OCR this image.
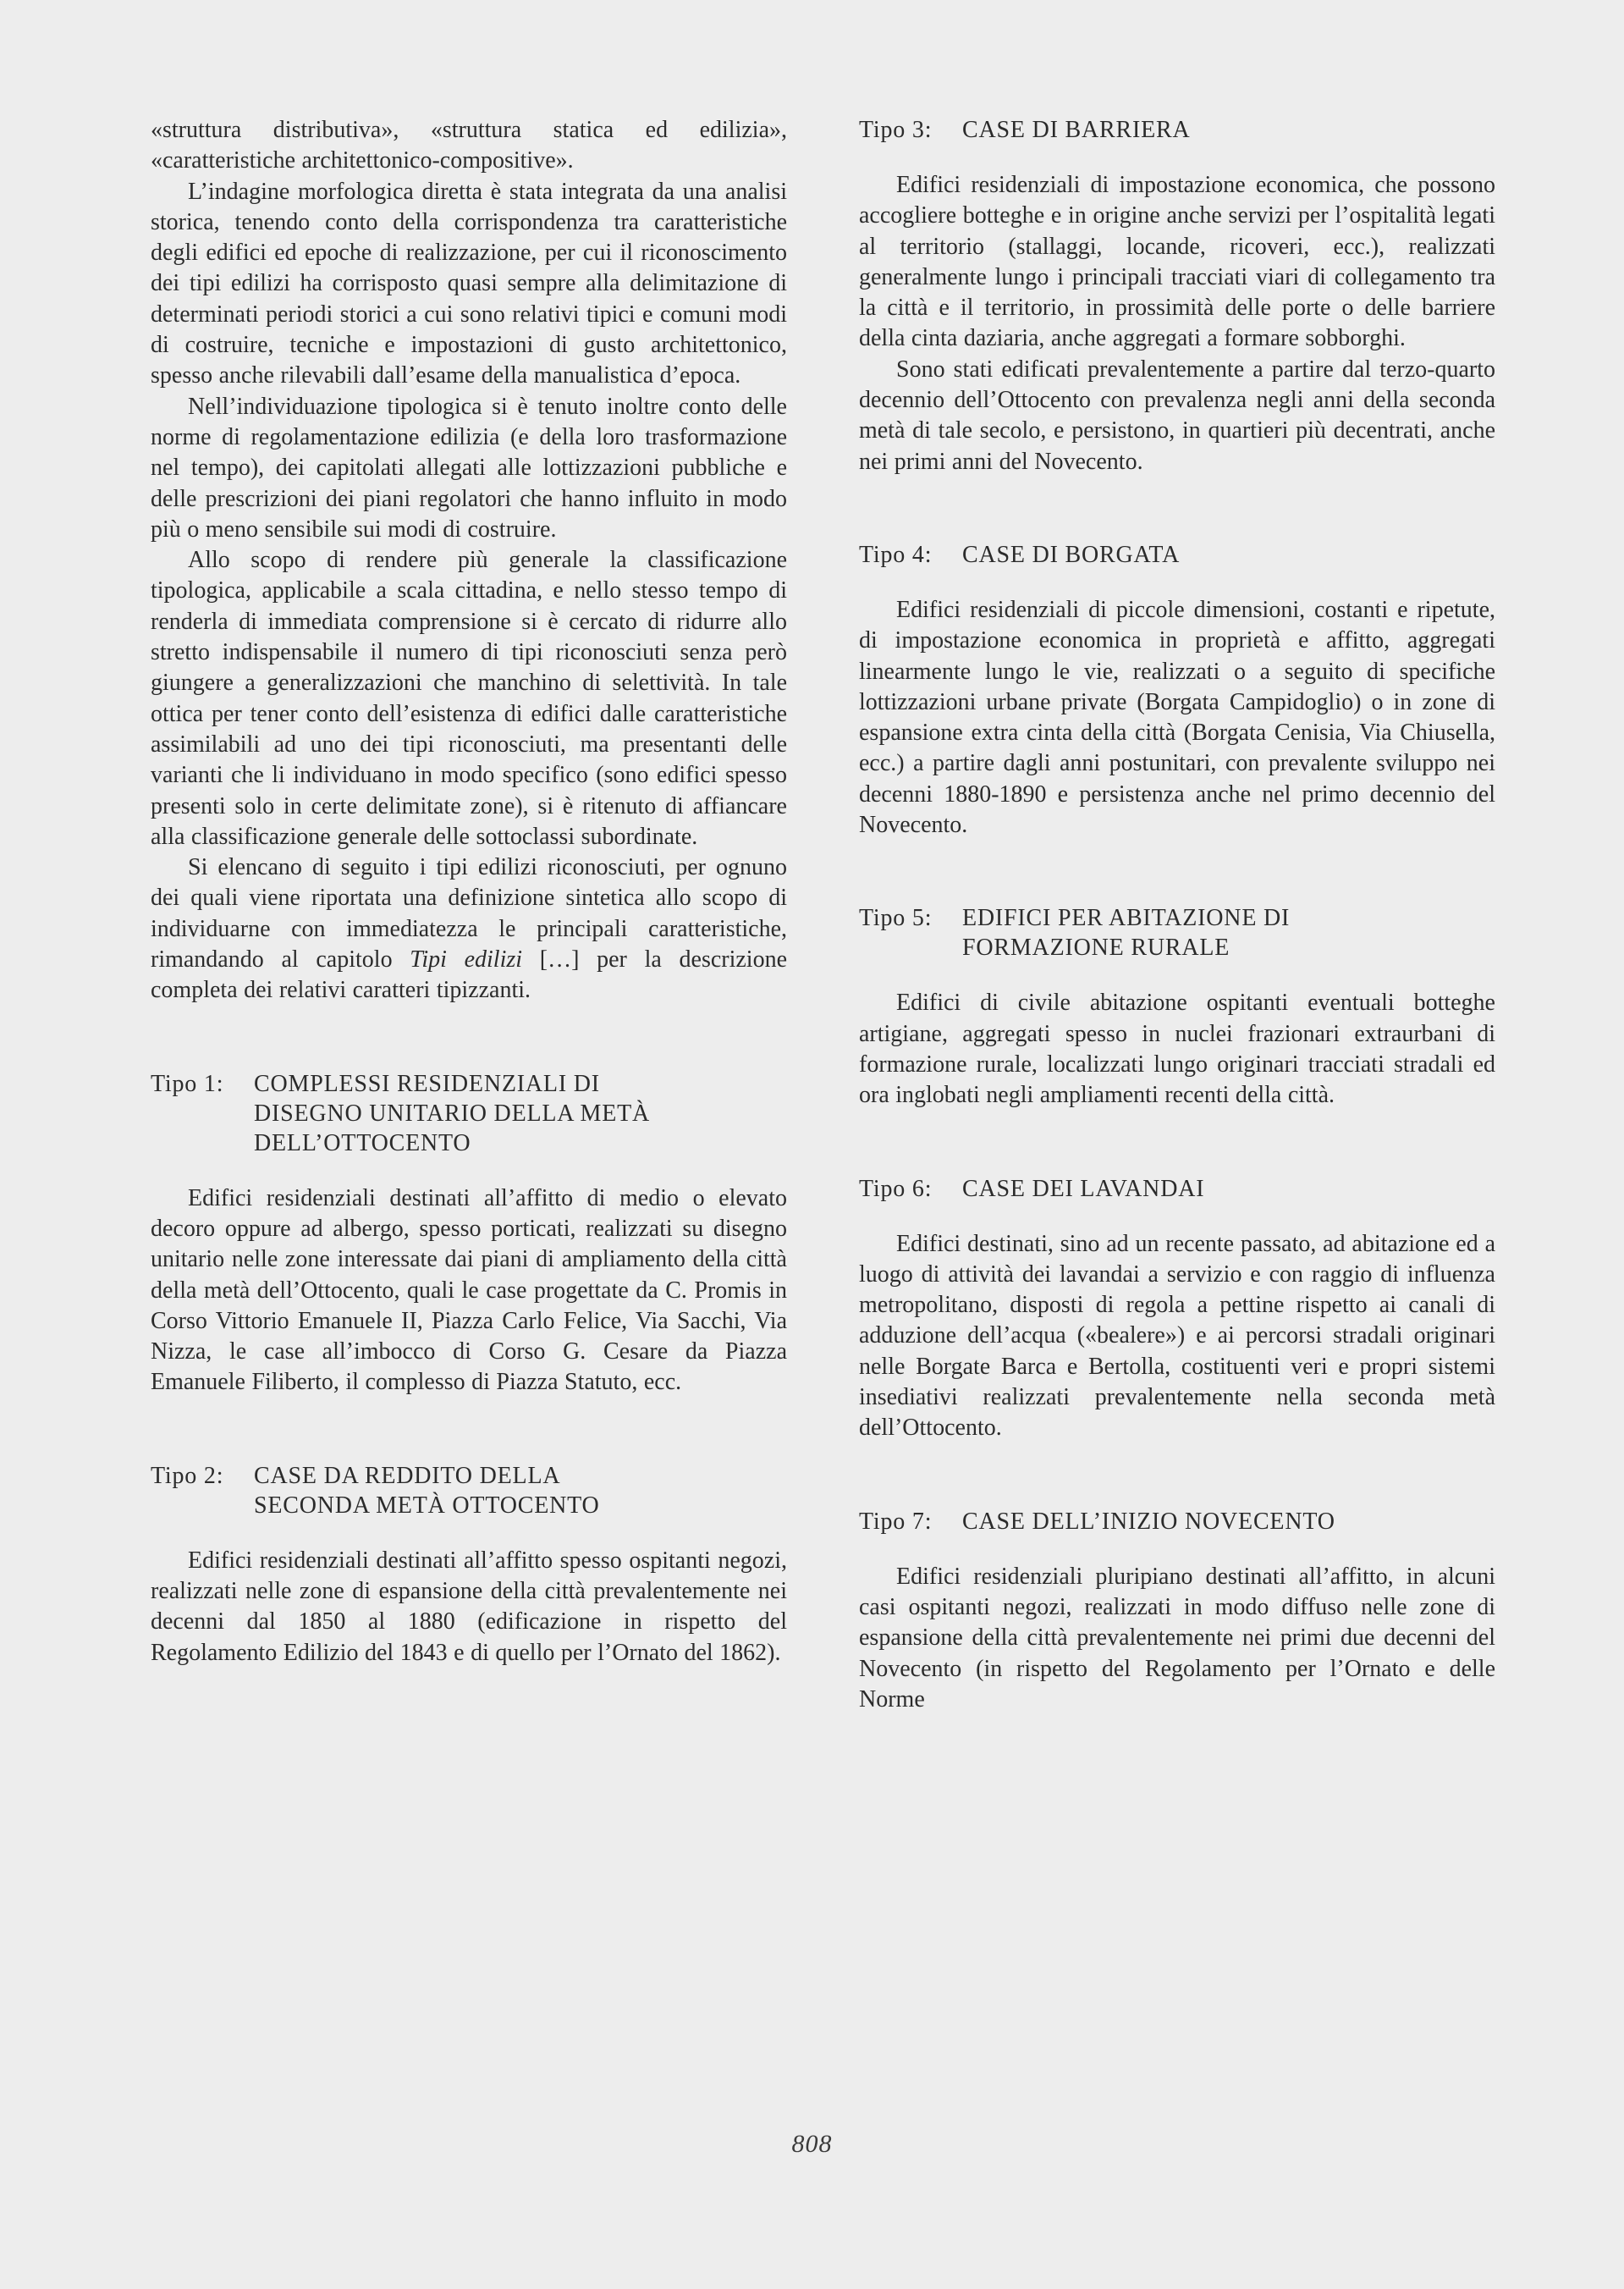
«struttura distributiva», «struttura statica ed edilizia», «caratteristiche architettonico-compositive».

L’indagine morfologica diretta è stata integrata da una analisi storica, tenendo conto della corrispondenza tra caratteristiche degli edifici ed epoche di realizzazione, per cui il riconoscimento dei tipi edilizi ha corrisposto quasi sempre alla delimitazione di determinati periodi storici a cui sono relativi tipici e comuni modi di costruire, tecniche e impostazioni di gusto architettonico, spesso anche rilevabili dall’esame della manualistica d’epoca.

Nell’individuazione tipologica si è tenuto inoltre conto delle norme di regolamentazione edilizia (e della loro trasformazione nel tempo), dei capitolati allegati alle lottizzazioni pubbliche e delle prescrizioni dei piani regolatori che hanno influito in modo più o meno sensibile sui modi di costruire.

Allo scopo di rendere più generale la classificazione tipologica, applicabile a scala cittadina, e nello stesso tempo di renderla di immediata comprensione si è cercato di ridurre allo stretto indispensabile il numero di tipi riconosciuti senza però giungere a generalizzazioni che manchino di selettività. In tale ottica per tener conto dell’esistenza di edifici dalle caratteristiche assimilabili ad uno dei tipi riconosciuti, ma presentanti delle varianti che li individuano in modo specifico (sono edifici spesso presenti solo in certe delimitate zone), si è ritenuto di affiancare alla classificazione generale delle sottoclassi subordinate.

Si elencano di seguito i tipi edilizi riconosciuti, per ognuno dei quali viene riportata una definizione sintetica allo scopo di individuarne con immediatezza le principali caratteristiche, rimandando al capitolo Tipi edilizi […] per la descrizione completa dei relativi caratteri tipizzanti.

Tipo 1:	COMPLESSI RESIDENZIALI DI
DISEGNO UNITARIO DELLA METÀ
DELL’OTTOCENTO

Edifici residenziali destinati all’affitto di medio o elevato decoro oppure ad albergo, spesso porticati, realizzati su disegno unitario nelle zone interessate dai piani di ampliamento della città della metà dell’Ottocento, quali le case progettate da C. Promis in Corso Vittorio Emanuele II, Piazza Carlo Felice, Via Sacchi, Via Nizza, le case all’imbocco di Corso G. Cesare da Piazza Emanuele Filiberto, il complesso di Piazza Statuto, ecc.

Tipo 2:	CASE DA REDDITO DELLA
SECONDA METÀ OTTOCENTO

Edifici residenziali destinati all’affitto spesso ospitanti negozi, realizzati nelle zone di espansione della città prevalentemente nei decenni dal 1850 al 1880 (edificazione in rispetto del Regolamento Edilizio del 1843 e di quello per l’Ornato del 1862).

Tipo 3:	CASE DI BARRIERA

Edifici residenziali di impostazione economica, che possono accogliere botteghe e in origine anche servizi per l’ospitalità legati al territorio (stallaggi, locande, ricoveri, ecc.), realizzati generalmente lungo i principali tracciati viari di collegamento tra la città e il territorio, in prossimità delle porte o delle barriere della cinta daziaria, anche aggregati a formare sobborghi.

Sono stati edificati prevalentemente a partire dal terzo-quarto decennio dell’Ottocento con prevalenza negli anni della seconda metà di tale secolo, e persistono, in quartieri più decentrati, anche nei primi anni del Novecento.

Tipo 4:	CASE DI BORGATA

Edifici residenziali di piccole dimensioni, costanti e ripetute, di impostazione economica in proprietà e affitto, aggregati linearmente lungo le vie, realizzati o a seguito di specifiche lottizzazioni urbane private (Borgata Campidoglio) o in zone di espansione extra cinta della città (Borgata Cenisia, Via Chiusella, ecc.) a partire dagli anni postunitari, con prevalente sviluppo nei decenni 1880-1890 e persistenza anche nel primo decennio del Novecento.

Tipo 5:	EDIFICI PER ABITAZIONE DI
FORMAZIONE RURALE

Edifici di civile abitazione ospitanti eventuali botteghe artigiane, aggregati spesso in nuclei frazionari extraurbani di formazione rurale, localizzati lungo originari tracciati stradali ed ora inglobati negli ampliamenti recenti della città.

Tipo 6:	CASE DEI LAVANDAI

Edifici destinati, sino ad un recente passato, ad abitazione ed a luogo di attività dei lavandai a servizio e con raggio di influenza metropolitano, disposti di regola a pettine rispetto ai canali di adduzione dell’acqua («bealere») e ai percorsi stradali originari nelle Borgate Barca e Bertolla, costituenti veri e propri sistemi insediativi realizzati prevalentemente nella seconda metà dell’Ottocento.

Tipo 7:	CASE DELL’INIZIO NOVECENTO

Edifici residenziali pluripiano destinati all’affitto, in alcuni casi ospitanti negozi, realizzati in modo diffuso nelle zone di espansione della città prevalentemente nei primi due decenni del Novecento (in rispetto del Regolamento per l’Ornato e delle Norme

808
